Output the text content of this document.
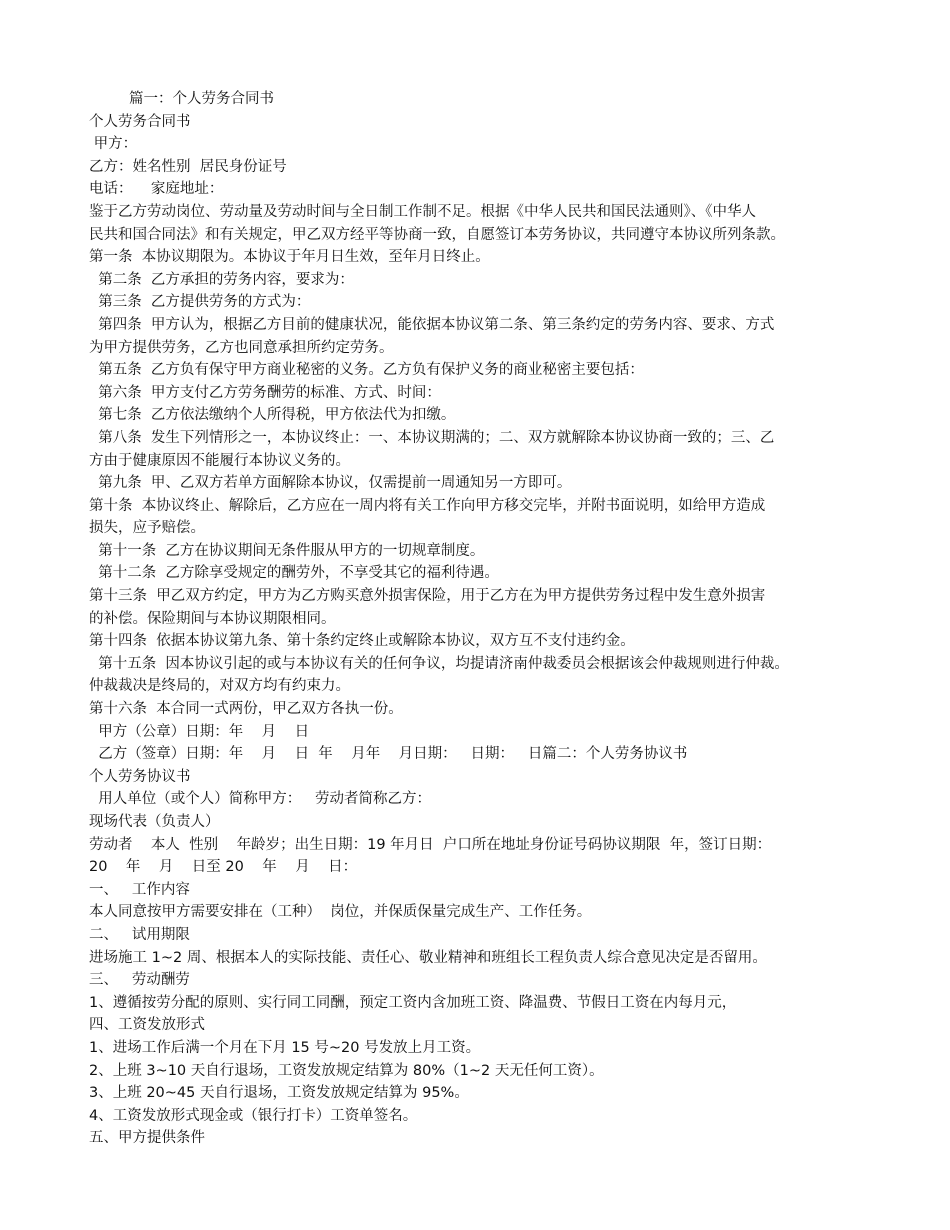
篇一：个人劳务合同书
个人劳务合同书
甲方：
乙方：姓名性别  居民身份证号
电话：    家庭地址：
鉴于乙方劳动岗位、劳动量及劳动时间与全日制工作制不足。根据《中华人民共和国民法通则》、《中华人
民共和国合同法》和有关规定，甲乙双方经平等协商一致，自愿签订本劳务协议，共同遵守本协议所列条款。
第一条  本协议期限为。本协议于年月日生效，至年月日终止。
第二条  乙方承担的劳务内容，要求为：
第三条  乙方提供劳务的方式为：
第四条  甲方认为，根据乙方目前的健康状况，能依据本协议第二条、第三条约定的劳务内容、要求、方式
为甲方提供劳务，乙方也同意承担所约定劳务。
第五条  乙方负有保守甲方商业秘密的义务。乙方负有保护义务的商业秘密主要包括：
第六条  甲方支付乙方劳务酬劳的标准、方式、时间：
第七条  乙方依法缴纳个人所得税，甲方依法代为扣缴。
第八条  发生下列情形之一，本协议终止：一、本协议期满的；二、双方就解除本协议协商一致的；三、乙
方由于健康原因不能履行本协议义务的。
第九条  甲、乙双方若单方面解除本协议，仅需提前一周通知另一方即可。
第十条  本协议终止、解除后，乙方应在一周内将有关工作向甲方移交完毕，并附书面说明，如给甲方造成
损失，应予赔偿。
第十一条  乙方在协议期间无条件服从甲方的一切规章制度。
第十二条  乙方除享受规定的酬劳外，不享受其它的福利待遇。
第十三条  甲乙双方约定，甲方为乙方购买意外损害保险，用于乙方在为甲方提供劳务过程中发生意外损害
的补偿。保险期间与本协议期限相同。
第十四条  依据本协议第九条、第十条约定终止或解除本协议，双方互不支付违约金。
第十五条  因本协议引起的或与本协议有关的任何争议，均提请济南仲裁委员会根据该会仲裁规则进行仲裁。
仲裁裁决是终局的，对双方均有约束力。
第十六条  本合同一式两份，甲乙双方各执一份。
甲方（公章）日期：年    月    日
乙方（签章）日期：年    月    日  年    月年    月日期：   日期：   日篇二：个人劳务协议书
个人劳务协议书
用人单位（或个人）简称甲方：   劳动者简称乙方：
现场代表（负责人）
劳动者    本人  性别    年龄岁；出生日期：19 年月日  户口所在地址身份证号码协议期限  年，签订日期：
20    年    月    日至 20    年    月    日：
一、   工作内容
本人同意按甲方需要安排在（工种）  岗位，并保质保量完成生产、工作任务。
二、   试用期限
进场施工 1~2 周、根据本人的实际技能、责任心、敬业精神和班组长工程负责人综合意见决定是否留用。
三、   劳动酬劳
1、遵循按劳分配的原则、实行同工同酬，预定工资内含加班工资、降温费、节假日工资在内每月元，
四、工资发放形式
1、进场工作后满一个月在下月 15 号~20 号发放上月工资。
2、上班 3~10 天自行退场，工资发放规定结算为 80%（1~2 天无任何工资）。
3、上班 20~45 天自行退场，工资发放规定结算为 95%。
4、工资发放形式现金或（银行打卡）工资单签名。
五、甲方提供条件
